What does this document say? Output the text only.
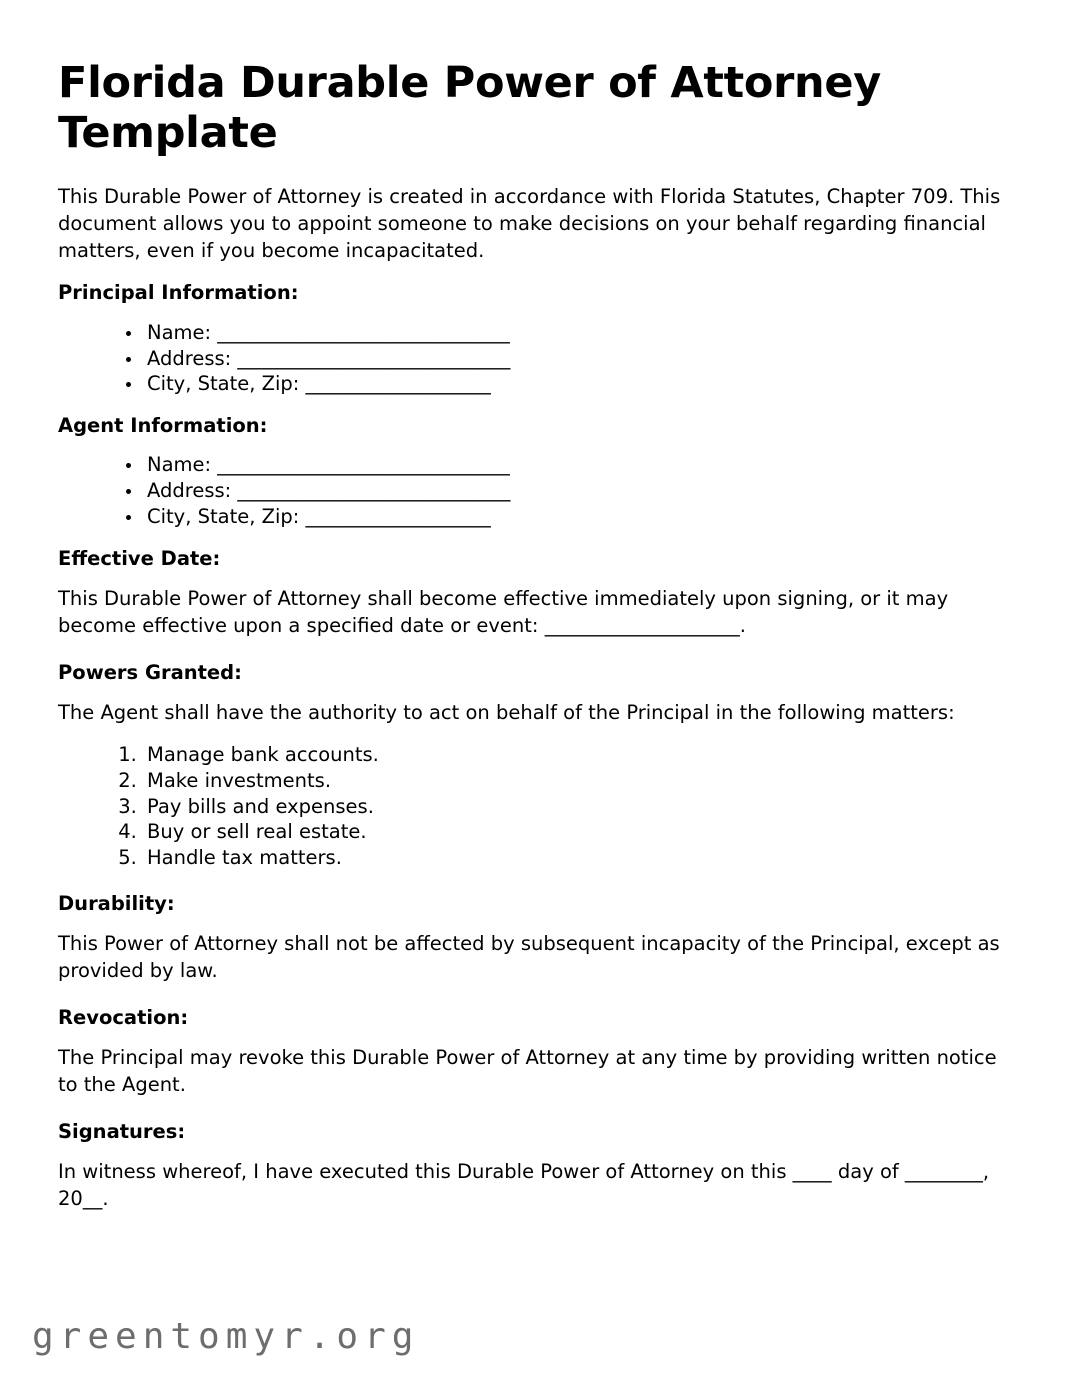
Florida Durable Power of Attorney Template

This Durable Power of Attorney is created in accordance with Florida Statutes, Chapter 709. This document allows you to appoint someone to make decisions on your behalf regarding financial matters, even if you become incapacitated.

Principal Information:
• Name: ______________________________
• Address: ____________________________
• City, State, Zip: ___________________
Agent Information:
• Name: ______________________________
• Address: ____________________________
• City, State, Zip: ___________________
Effective Date:

This Durable Power of Attorney shall become effective immediately upon signing, or it may become effective upon a specified date or event: ____________________.

Powers Granted:

The Agent shall have the authority to act on behalf of the Principal in the following matters:

1. Manage bank accounts.
2. Make investments.
3. Pay bills and expenses.
4. Buy or sell real estate.
5. Handle tax matters.
Durability:

This Power of Attorney shall not be affected by subsequent incapacity of the Principal, except as provided by law.

Revocation:

The Principal may revoke this Durable Power of Attorney at any time by providing written notice to the Agent.

Signatures:

In witness whereof, I have executed this Durable Power of Attorney on this ____ day of ________, 20__.

greentomyr.org
